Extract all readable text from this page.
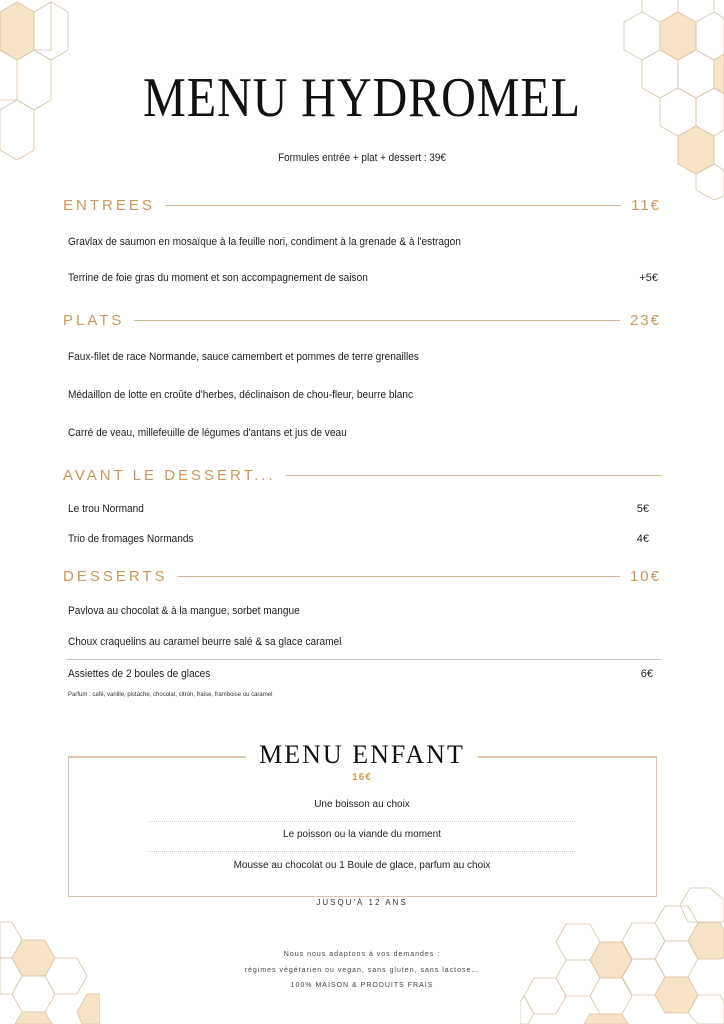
MENU HYDROMEL
Formules entrée + plat + dessert : 39€
ENTREES	11€
Gravlax de saumon en mosaïque à la feuille nori, condiment à la grenade & à l'estragon
Terrine de foie gras du moment et son accompagnement de saison	+5€
PLATS	23€
Faux-filet de race Normande, sauce camembert et pommes de terre grenailles
Médaillon de lotte en croûte d'herbes, déclinaison de chou-fleur, beurre blanc
Carré de veau, millefeuille de légumes d'antans et jus de veau
AVANT LE DESSERT...
Le trou Normand	5€
Trio de fromages Normands	4€
DESSERTS	10€
Pavlova au chocolat & à la mangue, sorbet mangue
Choux craquelins au caramel beurre salé & sa glace caramel
Assiettes de 2 boules de glaces	6€
Parfum : café, vanille, pistache, chocolat, citron, fraise, framboise ou caramel
MENU ENFANT
16€
Une boisson au choix
Le poisson ou la viande du moment
Mousse au chocolat ou 1 Boule de glace, parfum au choix
JUSQU'À 12 ANS
Nous nous adaptons à vos demandes :
régimes végétarien ou vegan, sans gluten, sans lactose…
100% MAISON & PRODUITS FRAIS
